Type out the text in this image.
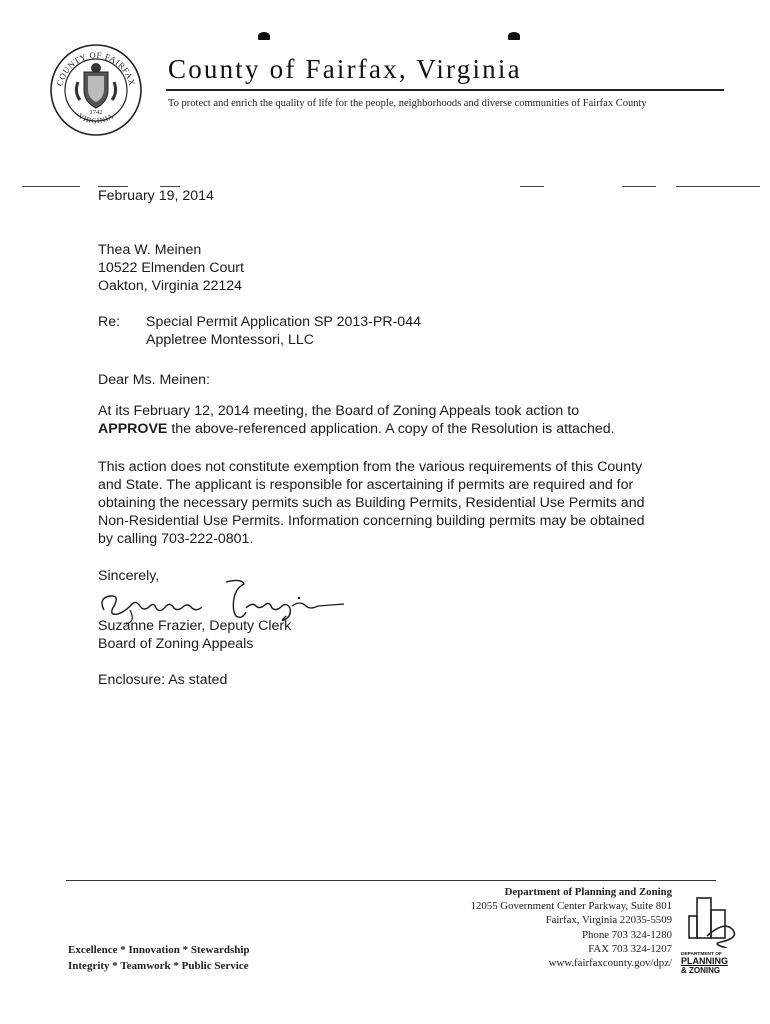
COUNTY OF FAIRFAX
VIRGINIA
1742
County of Fairfax, Virginia
To protect and enrich the quality of life for the people, neighborhoods and diverse communities of Fairfax County
February 19, 2014
Thea W. Meinen
10522 Elmenden Court
Oakton, Virginia 22124
Re: Special Permit Application SP 2013-PR-044
Appletree Montessori, LLC
Dear Ms. Meinen:
At its February 12, 2014 meeting, the Board of Zoning Appeals took action to
APPROVE the above-referenced application. A copy of the Resolution is attached.
This action does not constitute exemption from the various requirements of this County
and State. The applicant is responsible for ascertaining if permits are required and for
obtaining the necessary permits such as Building Permits, Residential Use Permits and
Non-Residential Use Permits. Information concerning building permits may be obtained
by calling 703-222-0801.
Sincerely,
Suzanne Frazier, Deputy Clerk
Board of Zoning Appeals
Enclosure: As stated
Excellence * Innovation * Stewardship
Integrity * Teamwork * Public Service
Department of Planning and Zoning
12055 Government Center Parkway, Suite 801
Fairfax, Virginia 22035-5509
Phone 703 324-1280
FAX 703 324-1207
www.fairfaxcounty.gov/dpz/
DEPARTMENT OF
PLANNING
& ZONING
